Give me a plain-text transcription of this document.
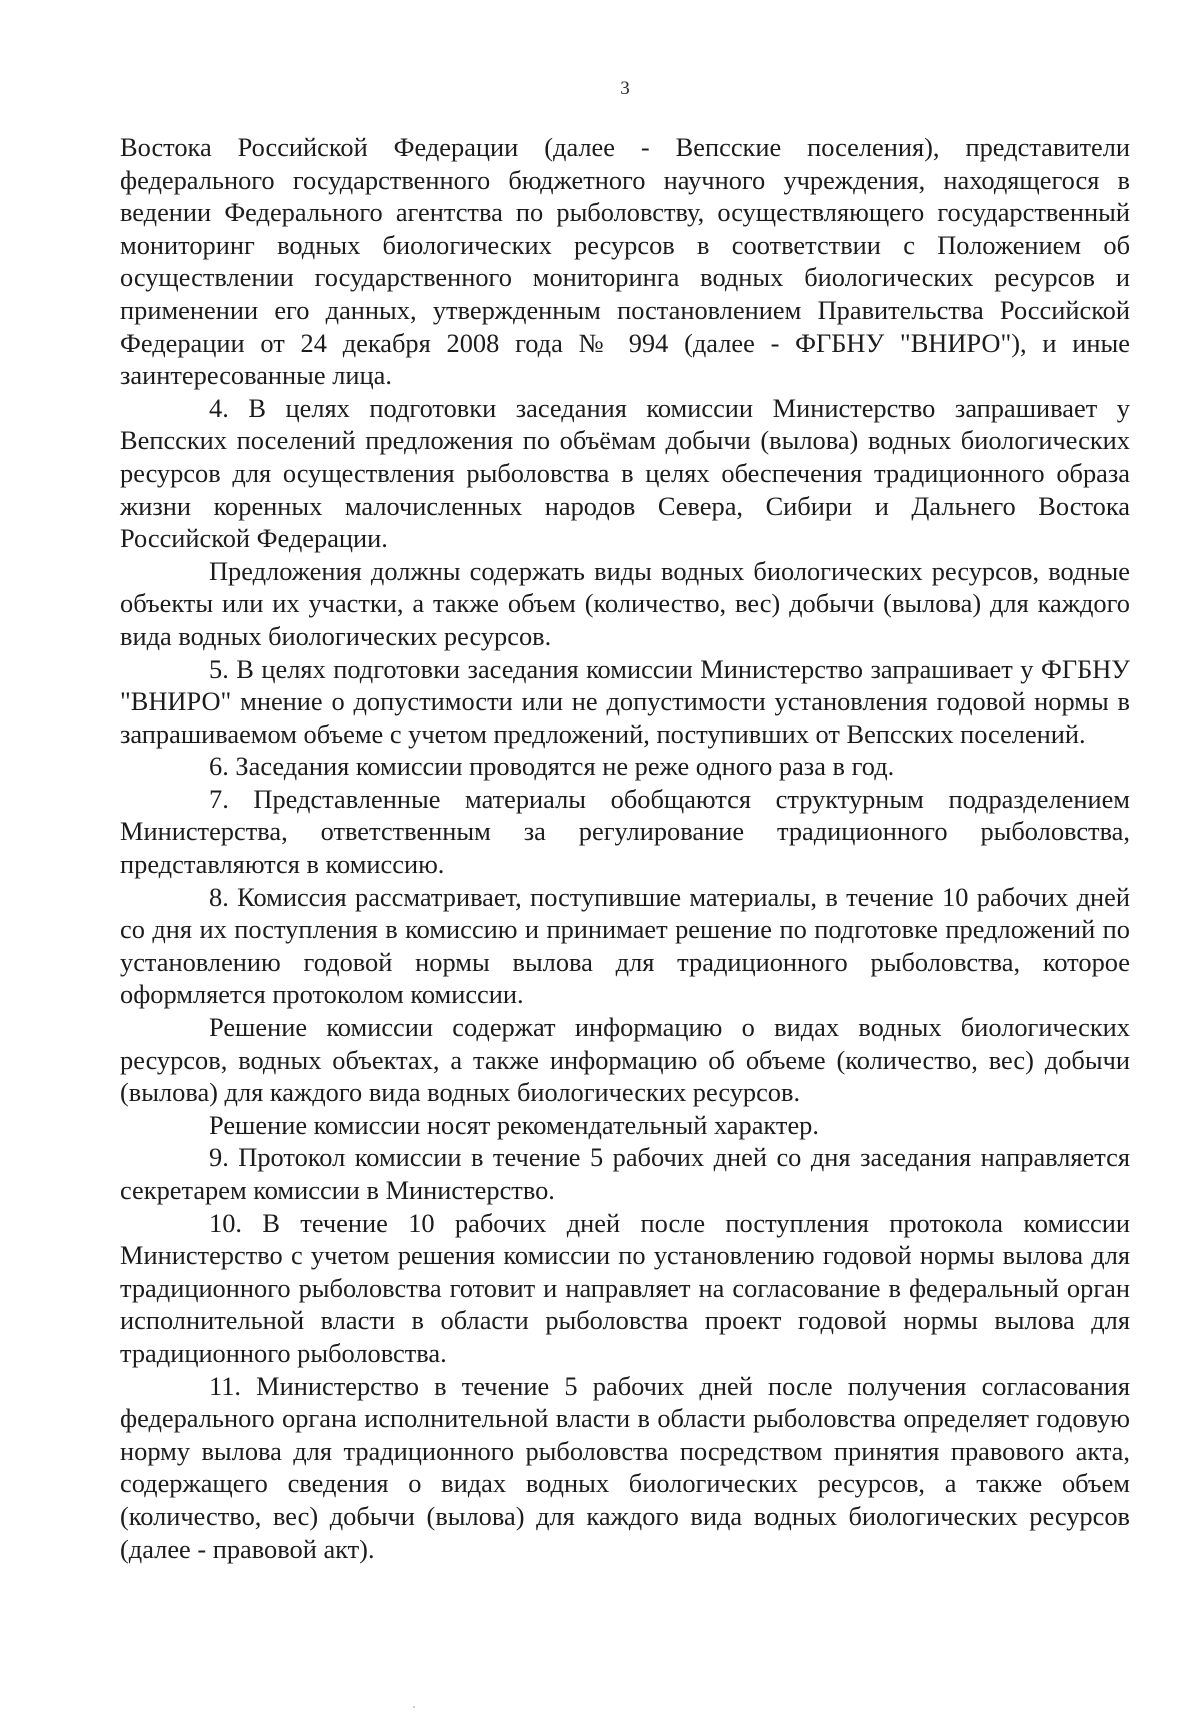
3

Востока Российской Федерации (далее - Вепсские поселения), представители федерального государственного бюджетного научного учреждения, находящегося в ведении Федерального агентства по рыболовству, осуществляющего государственный мониторинг водных биологических ресурсов в соответствии с Положением об осуществлении государственного мониторинга водных биологических ресурсов и применении его данных, утвержденным постановлением Правительства Российской Федерации от 24 декабря 2008 года № 994 (далее - ФГБНУ "ВНИРО"), и иные заинтересованные лица.

4. В целях подготовки заседания комиссии Министерство запрашивает у Вепсских поселений предложения по объёмам добычи (вылова) водных биологических ресурсов для осуществления рыболовства в целях обеспечения традиционного образа жизни коренных малочисленных народов Севера, Сибири и Дальнего Востока Российской Федерации.

Предложения должны содержать виды водных биологических ресурсов, водные объекты или их участки, а также объем (количество, вес) добычи (вылова) для каждого вида водных биологических ресурсов.

5. В целях подготовки заседания комиссии Министерство запрашивает у ФГБНУ "ВНИРО" мнение о допустимости или не допустимости установления годовой нормы в запрашиваемом объеме с учетом предложений, поступивших от Вепсских поселений.

6. Заседания комиссии проводятся не реже одного раза в год.

7. Представленные материалы обобщаются структурным подразделением Министерства, ответственным за регулирование традиционного рыболовства, представляются в комиссию.

8. Комиссия рассматривает, поступившие материалы, в течение 10 рабочих дней со дня их поступления в комиссию и принимает решение по подготовке предложений по установлению годовой нормы вылова для традиционного рыболовства, которое оформляется протоколом комиссии.

Решение комиссии содержат информацию о видах водных биологических ресурсов, водных объектах, а также информацию об объеме (количество, вес) добычи (вылова) для каждого вида водных биологических ресурсов.

Решение комиссии носят рекомендательный характер.

9. Протокол комиссии в течение 5 рабочих дней со дня заседания направляется секретарем комиссии в Министерство.

10. В течение 10 рабочих дней после поступления протокола комиссии Министерство с учетом решения комиссии по установлению годовой нормы вылова для традиционного рыболовства готовит и направляет на согласование в федеральный орган исполнительной власти в области рыболовства проект годовой нормы вылова для традиционного рыболовства.

11. Министерство в течение 5 рабочих дней после получения согласования федерального органа исполнительной власти в области рыболовства определяет годовую норму вылова для традиционного рыболовства посредством принятия правового акта, содержащего сведения о видах водных биологических ресурсов, а также объем (количество, вес) добычи (вылова) для каждого вида водных биологических ресурсов (далее - правовой акт).
